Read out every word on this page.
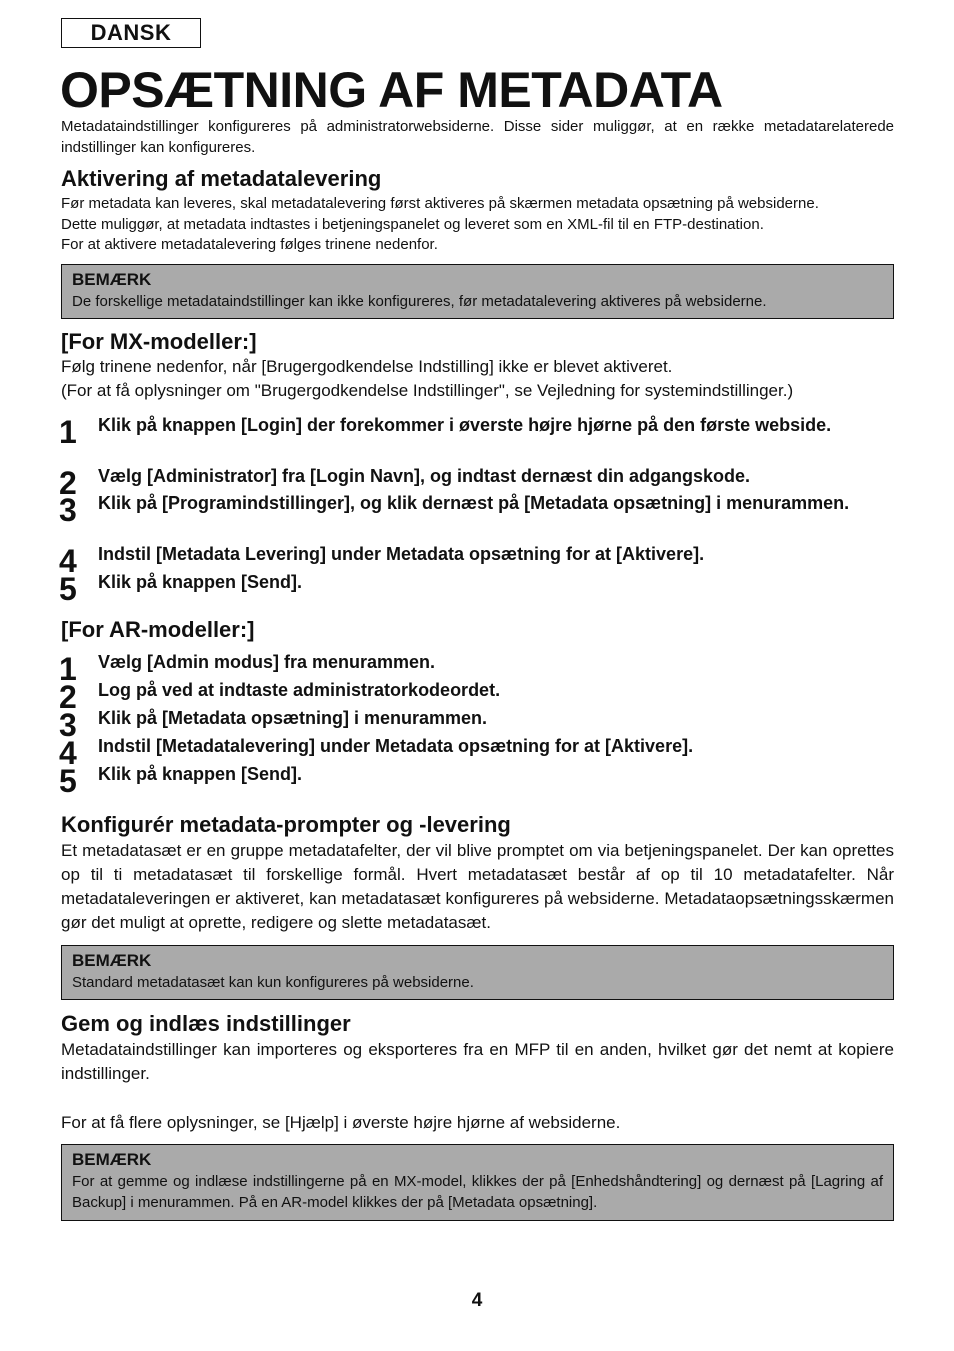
DANSK
OPSÆTNING AF METADATA

Metadataindstillinger konfigureres på administratorwebsiderne. Disse sider muliggør, at en række metadatarelaterede indstillinger kan konfigureres.

Aktivering af metadatalevering
Før metadata kan leveres, skal metadatalevering først aktiveres på skærmen metadata opsætning på websiderne.
Dette muliggør, at metadata indtastes i betjeningspanelet og leveret som en XML-fil til en FTP-destination.
For at aktivere metadatalevering følges trinene nedenfor.
BEMÆRK
De forskellige metadataindstillinger kan ikke konfigureres, før metadatalevering aktiveres på websiderne.
[For MX-modeller:]
Følg trinene nedenfor, når [Brugergodkendelse Indstilling] ikke er blevet aktiveret.
(For at få oplysninger om "Brugergodkendelse Indstillinger", se Vejledning for systemindstillinger.)
1 Klik på knappen [Login] der forekommer i øverste højre hjørne på den første webside.
2 Vælg [Administrator] fra [Login Navn], og indtast dernæst din adgangskode.
3 Klik på [Programindstillinger], og klik dernæst på [Metadata opsætning] i menurammen.
4 Indstil [Metadata Levering] under Metadata opsætning for at [Aktivere].
5 Klik på knappen [Send].
[For AR-modeller:]
1 Vælg [Admin modus] fra menurammen.
2 Log på ved at indtaste administratorkodeordet.
3 Klik på [Metadata opsætning] i menurammen.
4 Indstil [Metadatalevering] under Metadata opsætning for at [Aktivere].
5 Klik på knappen [Send].
Konfigurér metadata-prompter og -levering

Et metadatasæt er en gruppe metadatafelter, der vil blive promptet om via betjeningspanelet. Der kan oprettes op til ti metadatasæt til forskellige formål. Hvert metadatasæt består af op til 10 metadatafelter. Når metadataleveringen er aktiveret, kan metadatasæt konfigureres på websiderne. Metadataopsætningsskærmen gør det muligt at oprette, redigere og slette metadatasæt.

BEMÆRK
Standard metadatasæt kan kun konfigureres på websiderne.
Gem og indlæs indstillinger

Metadataindstillinger kan importeres og eksporteres fra en MFP til en anden, hvilket gør det nemt at kopiere indstillinger.

For at få flere oplysninger, se [Hjælp] i øverste højre hjørne af websiderne.

BEMÆRK
For at gemme og indlæse indstillingerne på en MX-model, klikkes der på [Enhedshåndtering] og dernæst på [Lagring af Backup] i menurammen. På en AR-model klikkes der på [Metadata opsætning].
4
